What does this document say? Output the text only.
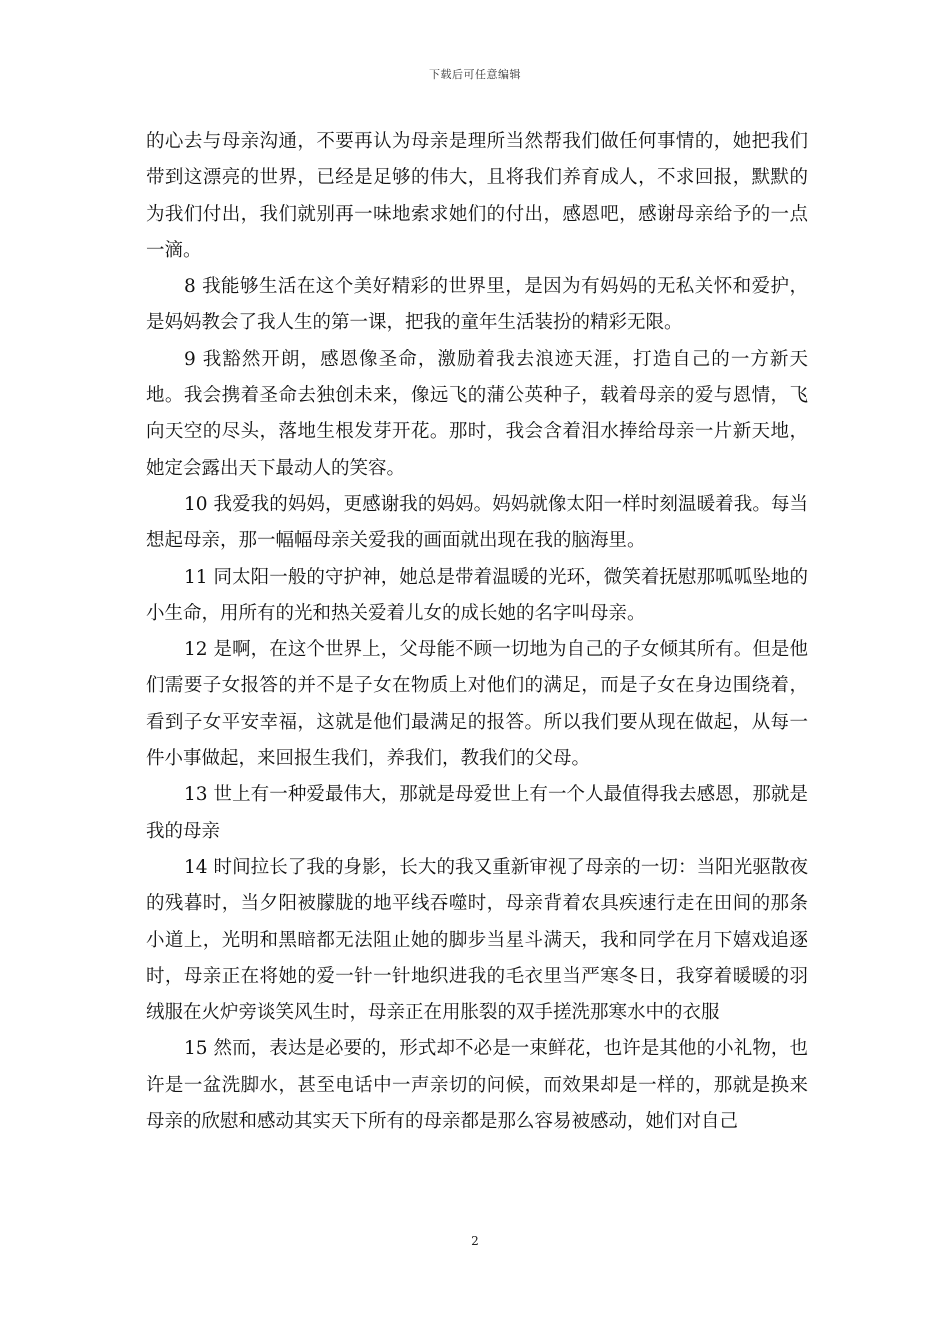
下载后可任意编辑

的心去与母亲沟通，不要再认为母亲是理所当然帮我们做任何事情的，她把我们带到这漂亮的世界，已经是足够的伟大，且将我们养育成人，不求回报，默默的为我们付出，我们就别再一味地索求她们的付出，感恩吧，感谢母亲给予的一点一滴。

8 我能够生活在这个美好精彩的世界里，是因为有妈妈的无私关怀和爱护，是妈妈教会了我人生的第一课，把我的童年生活装扮的精彩无限。

9 我豁然开朗，感恩像圣命，激励着我去浪迹天涯，打造自己的一方新天地。我会携着圣命去独创未来，像远飞的蒲公英种子，载着母亲的爱与恩情，飞向天空的尽头，落地生根发芽开花。那时，我会含着泪水捧给母亲一片新天地，她定会露出天下最动人的笑容。

10 我爱我的妈妈，更感谢我的妈妈。妈妈就像太阳一样时刻温暖着我。每当想起母亲，那一幅幅母亲关爱我的画面就出现在我的脑海里。

11 同太阳一般的守护神，她总是带着温暖的光环，微笑着抚慰那呱呱坠地的小生命，用所有的光和热关爱着儿女的成长她的名字叫母亲。

12 是啊，在这个世界上，父母能不顾一切地为自己的子女倾其所有。但是他们需要子女报答的并不是子女在物质上对他们的满足，而是子女在身边围绕着，看到子女平安幸福，这就是他们最满足的报答。所以我们要从现在做起，从每一件小事做起，来回报生我们，养我们，教我们的父母。

13 世上有一种爱最伟大，那就是母爱世上有一个人最值得我去感恩，那就是我的母亲

14 时间拉长了我的身影，长大的我又重新审视了母亲的一切：当阳光驱散夜的残暮时，当夕阳被朦胧的地平线吞噬时，母亲背着农具疾速行走在田间的那条小道上，光明和黑暗都无法阻止她的脚步当星斗满天，我和同学在月下嬉戏追逐时，母亲正在将她的爱一针一针地织进我的毛衣里当严寒冬日，我穿着暖暖的羽绒服在火炉旁谈笑风生时，母亲正在用胀裂的双手搓洗那寒水中的衣服

15 然而，表达是必要的，形式却不必是一束鲜花，也许是其他的小礼物，也许是一盆洗脚水，甚至电话中一声亲切的问候，而效果却是一样的，那就是换来母亲的欣慰和感动其实天下所有的母亲都是那么容易被感动，她们对自己

2
